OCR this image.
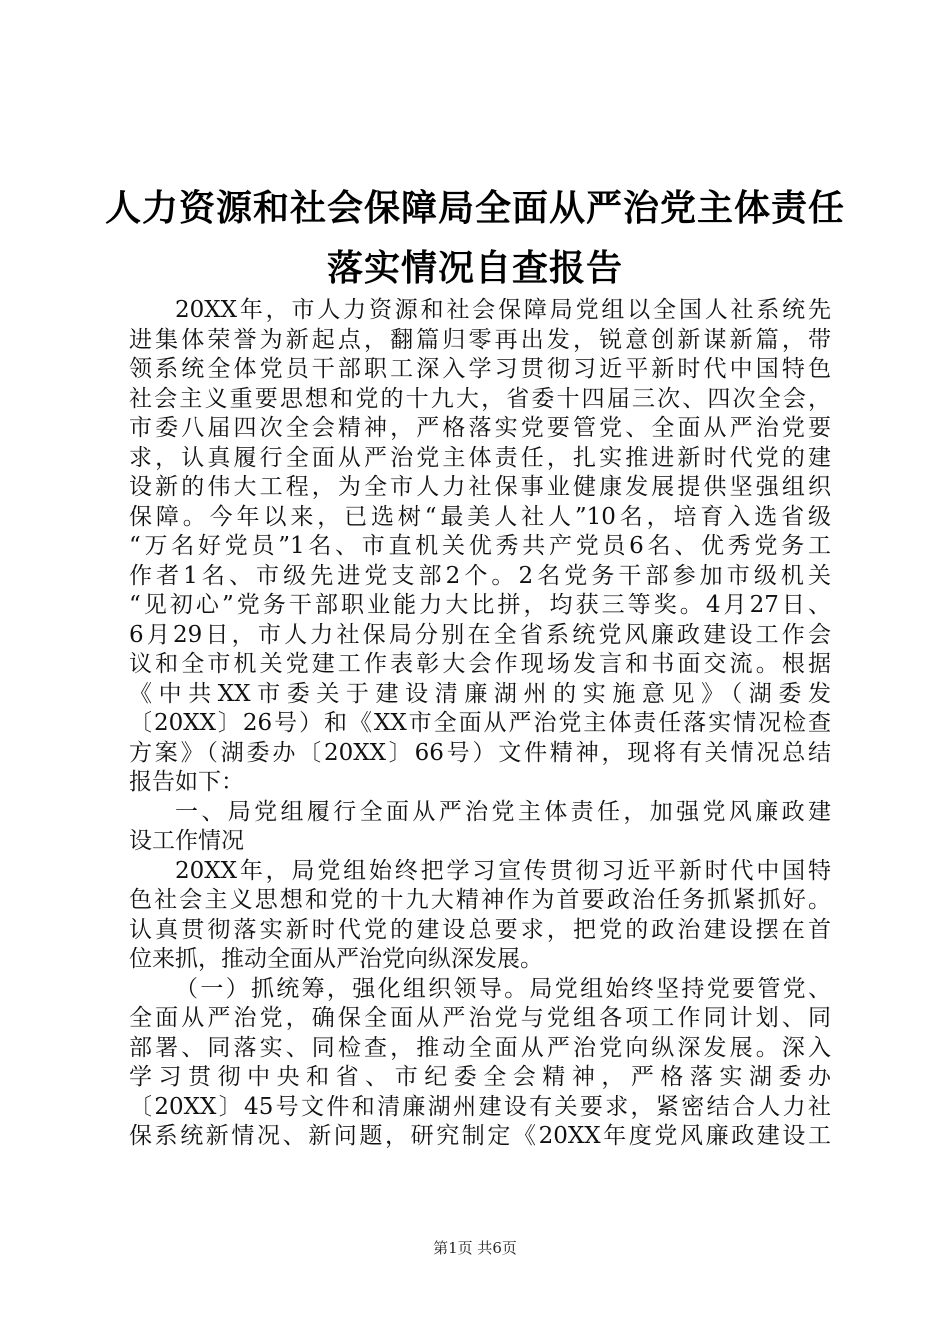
人力资源和社会保障局全面从严治党主体责任
落实情况自查报告
20XX年，市人力资源和社会保障局党组以全国人社系统先
进集体荣誉为新起点，翻篇归零再出发，锐意创新谋新篇，带
领系统全体党员干部职工深入学习贯彻习近平新时代中国特色
社会主义重要思想和党的十九大，省委十四届三次、四次全会，
市委八届四次全会精神，严格落实党要管党、全面从严治党要
求，认真履行全面从严治党主体责任，扎实推进新时代党的建
设新的伟大工程，为全市人力社保事业健康发展提供坚强组织
保障。今年以来，已选树“最美人社人”10名，培育入选省级
“万名好党员”1名、市直机关优秀共产党员6名、优秀党务工
作者1名、市级先进党支部2个。2名党务干部参加市级机关
“见初心”党务干部职业能力大比拼，均获三等奖。4月27日、
6月29日，市人力社保局分别在全省系统党风廉政建设工作会
议和全市机关党建工作表彰大会作现场发言和书面交流。根据
《中共XX市委关于建设清廉湖州的实施意见》（湖委发
〔20XX〕26号）和《XX市全面从严治党主体责任落实情况检查
方案》（湖委办〔20XX〕66号）文件精神，现将有关情况总结
报告如下：
一、局党组履行全面从严治党主体责任，加强党风廉政建
设工作情况
20XX年，局党组始终把学习宣传贯彻习近平新时代中国特
色社会主义思想和党的十九大精神作为首要政治任务抓紧抓好。
认真贯彻落实新时代党的建设总要求，把党的政治建设摆在首
位来抓，推动全面从严治党向纵深发展。
（一）抓统筹，强化组织领导。局党组始终坚持党要管党、
全面从严治党，确保全面从严治党与党组各项工作同计划、同
部署、同落实、同检查，推动全面从严治党向纵深发展。深入
学习贯彻中央和省、市纪委全会精神，严格落实湖委办
〔20XX〕45号文件和清廉湖州建设有关要求，紧密结合人力社
保系统新情况、新问题，研究制定《20XX年度党风廉政建设工
第1页 共6页
